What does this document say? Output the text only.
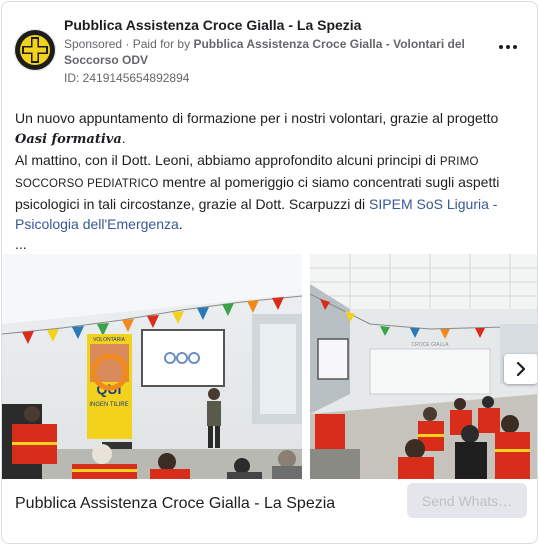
Pubblica Assistenza Croce Gialla - La Spezia
Sponsored · Paid for by Pubblica Assistenza Croce Gialla - Volontari del Soccorso ODV
ID: 2419145654892894
Un nuovo appuntamento di formazione per i nostri volontari, grazie al progetto Oasi formativa.
Al mattino, con il Dott. Leoni, abbiamo approfondito alcuni principi di PRIMO SOCCORSO PEDIATRICO mentre al pomeriggio ci siamo concentrati sugli aspetti psicologici in tali circostanze, grazie al Dott. Scarpuzzi di SIPEM SoS Liguria - Psicologia dell'Emergenza.
...
QUI
INGEN TILIRE
VOLONTARIA
CROCE GIALLA
Pubblica Assistenza Croce Gialla - La Spezia	Send Whats…
